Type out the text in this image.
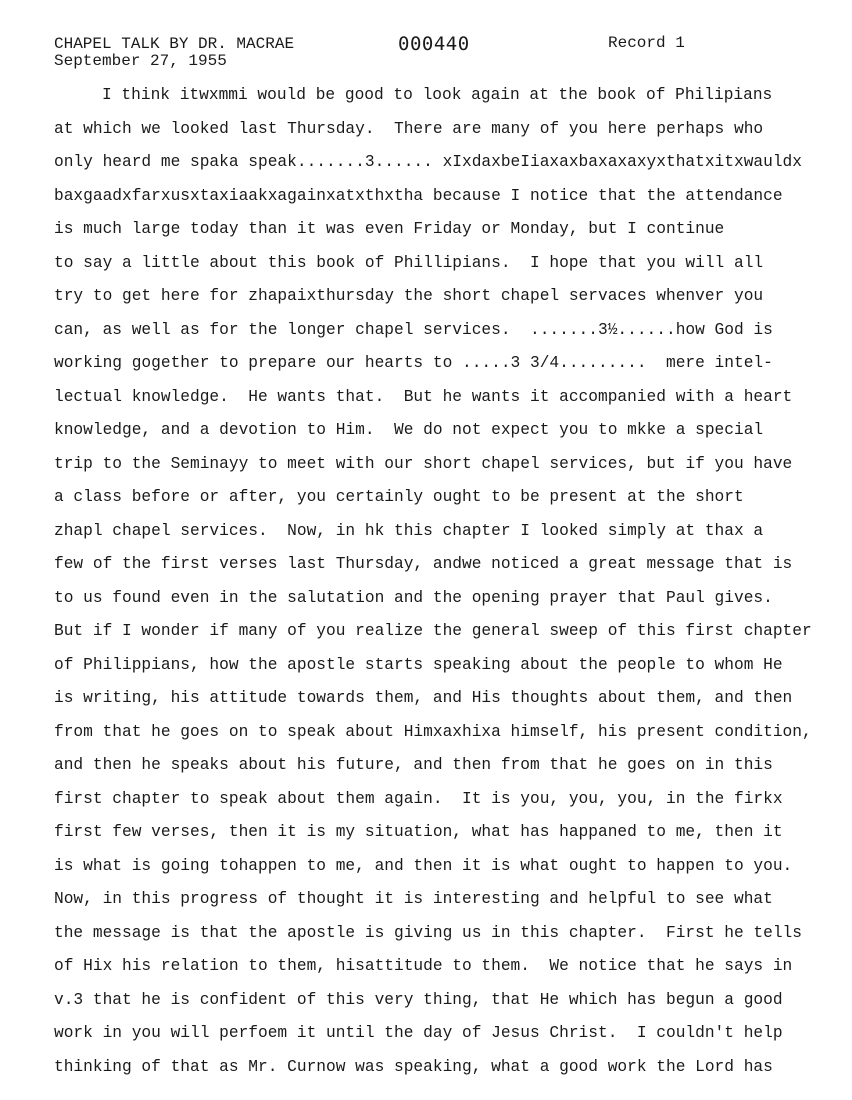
CHAPEL TALK BY DR. MACRAE
September 27, 1955
000440	Record 1
I think itwxmmi would be good to look again at the book of Philipians
at which we looked last Thursday.  There are many of you here perhaps who
only heard me spaka speak.......3...... xIxdaxbeIiaxaxbaxaxaxyxthatxitxwauldx
baxgaadxfarxusxtaxiaakxagainxatxthxtha because I notice that the attendance
is much large today than it was even Friday or Monday, but I continue
to say a little about this book of Phillipians.  I hope that you will all
try to get here for zhapaixthursday the short chapel servaces whenver you
can, as well as for the longer chapel services.  .......3½......how God is
working gogether to prepare our hearts to .....3 3/4.........  mere intel-
lectual knowledge.  He wants that.  But he wants it accompanied with a heart
knowledge, and a devotion to Him.  We do not expect you to mkke a special
trip to the Seminayy to meet with our short chapel services, but if you have
a class before or after, you certainly ought to be present at the short
zhapl chapel services.  Now, in hk this chapter I looked simply at thax a
few of the first verses last Thursday, andwe noticed a great message that is
to us found even in the salutation and the opening prayer that Paul gives.
But if I wonder if many of you realize the general sweep of this first chapter
of Philippians, how the apostle starts speaking about the people to whom He
is writing, his attitude towards them, and His thoughts about them, and then
from that he goes on to speak about Himxaxhixa himself, his present condition,
and then he speaks about his future, and then from that he goes on in this
first chapter to speak about them again.  It is you, you, you, in the firkx
first few verses, then it is my situation, what has happaned to me, then it
is what is going tohappen to me, and then it is what ought to happen to you.
Now, in this progress of thought it is interesting and helpful to see what
the message is that the apostle is giving us in this chapter.  First he tells
of Hix his relation to them, hisattitude to them.  We notice that he says in
v.3 that he is confident of this very thing, that He which has begun a good
work in you will perfoem it until the day of Jesus Christ.  I couldn't help
thinking of that as Mr. Curnow was speaking, what a good work the Lord has
